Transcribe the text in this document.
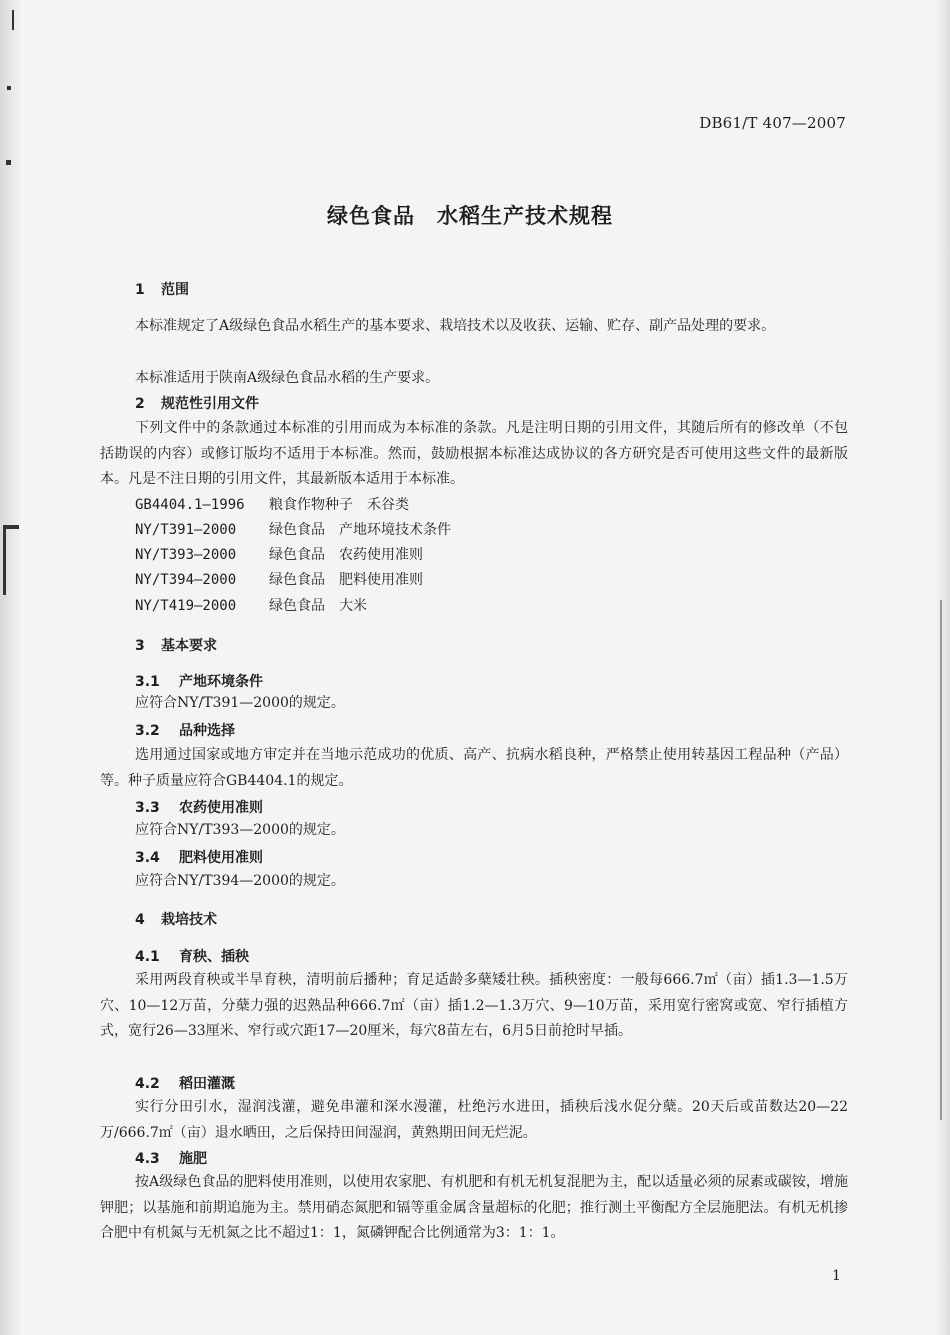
DB61/T 407—2007
绿色食品　水稻生产技术规程
1 范围
本标准规定了A级绿色食品水稻生产的基本要求、栽培技术以及收获、运输、贮存、副产品处理的要求。
本标准适用于陕南A级绿色食品水稻的生产要求。
2 规范性引用文件
下列文件中的条款通过本标准的引用而成为本标准的条款。凡是注明日期的引用文件，其随后所有的修改单（不包括勘误的内容）或修订版均不适用于本标准。然而，鼓励根据本标准达成协议的各方研究是否可使用这些文件的最新版本。凡是不注日期的引用文件，其最新版本适用于本标准。
GB4404.1—1996 粮食作物种子　禾谷类
NY/T391—2000 绿色食品　产地环境技术条件
NY/T393—2000 绿色食品　农药使用准则
NY/T394—2000 绿色食品　肥料使用准则
NY/T419—2000 绿色食品　大米
3 基本要求
3.1 产地环境条件
应符合NY/T391—2000的规定。
3.2 品种选择
选用通过国家或地方审定并在当地示范成功的优质、高产、抗病水稻良种，严格禁止使用转基因工程品种（产品）等。种子质量应符合GB4404.1的规定。
3.3 农药使用准则
应符合NY/T393—2000的规定。
3.4 肥料使用准则
应符合NY/T394—2000的规定。
4 栽培技术
4.1 育秧、插秧
采用两段育秧或半旱育秧，清明前后播种；育足适龄多蘖矮壮秧。插秧密度：一般每666.7㎡（亩）插1.3—1.5万穴、10—12万苗，分蘖力强的迟熟品种666.7㎡（亩）插1.2—1.3万穴、9—10万苗，采用宽行密窝或宽、窄行插植方式，宽行26—33厘米、窄行或穴距17—20厘米，每穴8苗左右，6月5日前抢时早插。
4.2 稻田灌溉
实行分田引水，湿润浅灌，避免串灌和深水漫灌，杜绝污水进田，插秧后浅水促分蘖。20天后或苗数达20—22万/666.7㎡（亩）退水晒田，之后保持田间湿润，黄熟期田间无烂泥。
4.3 施肥
按A级绿色食品的肥料使用准则，以使用农家肥、有机肥和有机无机复混肥为主，配以适量必须的尿素或碳铵，增施钾肥；以基施和前期追施为主。禁用硝态氮肥和镉等重金属含量超标的化肥；推行测土平衡配方全层施肥法。有机无机掺合肥中有机氮与无机氮之比不超过1：1，氮磷钾配合比例通常为3：1：1。
1
